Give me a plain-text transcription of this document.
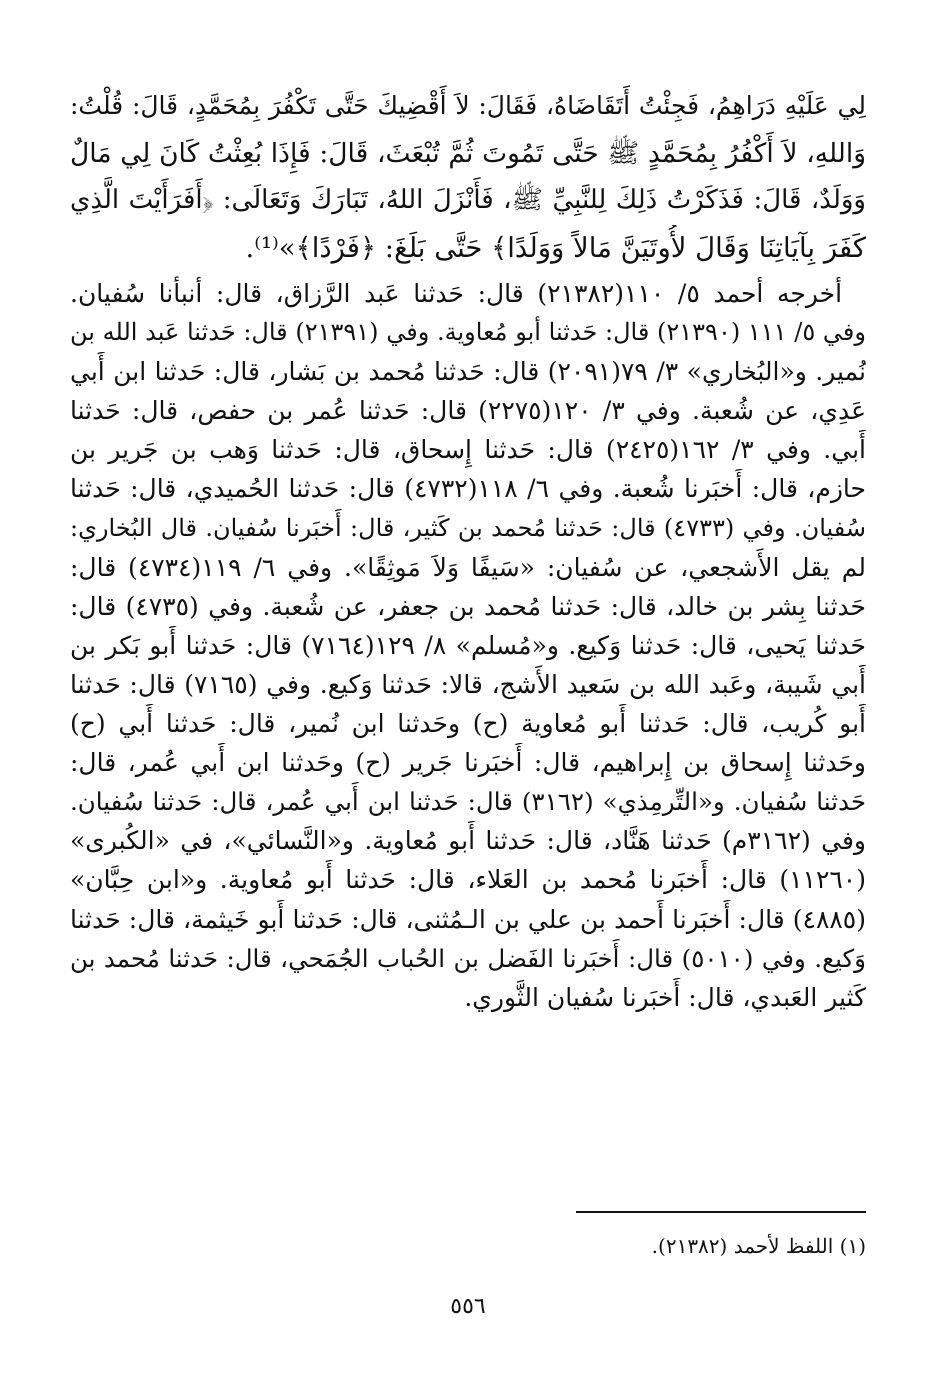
لِي عَلَيْهِ دَرَاهِمُ، فَجِئْتُ أَتَقَاضَاهُ، فَقَالَ: لاَ أَقْضِيكَ حَتَّى تَكْفُرَ بِمُحَمَّدٍ، قَالَ: قُلْتُ:
وَاللهِ، لاَ أَكْفُرُ بِمُحَمَّدٍ ﷺ حَتَّى تَمُوتَ ثُمَّ تُبْعَثَ، قَالَ: فَإِذَا بُعِثْتُ كَانَ لِي مَالٌ
وَوَلَدٌ، قَالَ: فَذَكَرْتُ ذَلِكَ لِلنَّبِيِّ ﷺ، فَأَنْزَلَ اللهُ، تَبَارَكَ وَتَعَالَى: ﴿أَفَرَأَيْتَ الَّذِي
كَفَرَ بِآيَاتِنَا وَقَالَ لأُوتَيَنَّ مَالاً وَوَلَدًا﴾ حَتَّى بَلَغَ: ﴿فَرْدًا﴾»⁽¹⁾.
أخرجه أحمد ٥/ ١١٠(٢١٣٨٢) قال: حَدثنا عَبد الرَّزاق، قال: أنبأنا سُفيان.
وفي ٥/ ١١١ (٢١٣٩٠) قال: حَدثنا أبو مُعاوية. وفي (٢١٣٩١) قال: حَدثنا عَبد الله بن
نُمير. و«البُخاري» ٣/ ٧٩(٢٠٩١) قال: حَدثنا مُحمد بن بَشار، قال: حَدثنا ابن أَبي
عَدِي، عن شُعبة. وفي ٣/ ١٢٠(٢٢٧٥) قال: حَدثنا عُمر بن حفص، قال: حَدثنا
أَبي. وفي ٣/ ١٦٢(٢٤٢٥) قال: حَدثنا إِسحاق، قال: حَدثنا وَهب بن جَرير بن
حازم، قال: أَخبَرنا شُعبة. وفي ٦/ ١١٨(٤٧٣٢) قال: حَدثنا الحُميدي، قال: حَدثنا
سُفيان. وفي (٤٧٣٣) قال: حَدثنا مُحمد بن كَثير، قال: أَخبَرنا سُفيان. قال البُخاري:
لم يقل الأَشجعي، عن سُفيان: «سَيفًا وَلاَ مَوثِقًا». وفي ٦/ ١١٩(٤٧٣٤) قال:
حَدثنا بِشر بن خالد، قال: حَدثنا مُحمد بن جعفر، عن شُعبة. وفي (٤٧٣٥) قال:
حَدثنا يَحيى، قال: حَدثنا وَكيع. و«مُسلم» ٨/ ١٢٩(٧١٦٤) قال: حَدثنا أَبو بَكر بن
أَبي شَيبة، وعَبد الله بن سَعيد الأَشج، قالا: حَدثنا وَكيع. وفي (٧١٦٥) قال: حَدثنا
أَبو كُريب، قال: حَدثنا أَبو مُعاوية (ح) وحَدثنا ابن نُمير، قال: حَدثنا أَبي (ح)
وحَدثنا إِسحاق بن إِبراهيم، قال: أَخبَرنا جَرير (ح) وحَدثنا ابن أَبي عُمر، قال:
حَدثنا سُفيان. و«التِّرمِذي» (٣١٦٢) قال: حَدثنا ابن أَبي عُمر، قال: حَدثنا سُفيان.
وفي (٣١٦٢م) حَدثنا هَنَّاد، قال: حَدثنا أَبو مُعاوية. و«النَّسائي»، في «الكُبرى»
(١١٢٦٠) قال: أَخبَرنا مُحمد بن العَلاء، قال: حَدثنا أَبو مُعاوية. و«ابن حِبَّان»
(٤٨٨٥) قال: أَخبَرنا أَحمد بن علي بن الـمُثنى، قال: حَدثنا أَبو خَيثمة، قال: حَدثنا
وَكيع. وفي (٥٠١٠) قال: أَخبَرنا الفَضل بن الحُباب الجُمَحي، قال: حَدثنا مُحمد بن
كَثير العَبدي، قال: أَخبَرنا سُفيان الثَّوري.
(١) اللفظ لأحمد (٢١٣٨٢).
٥٥٦
